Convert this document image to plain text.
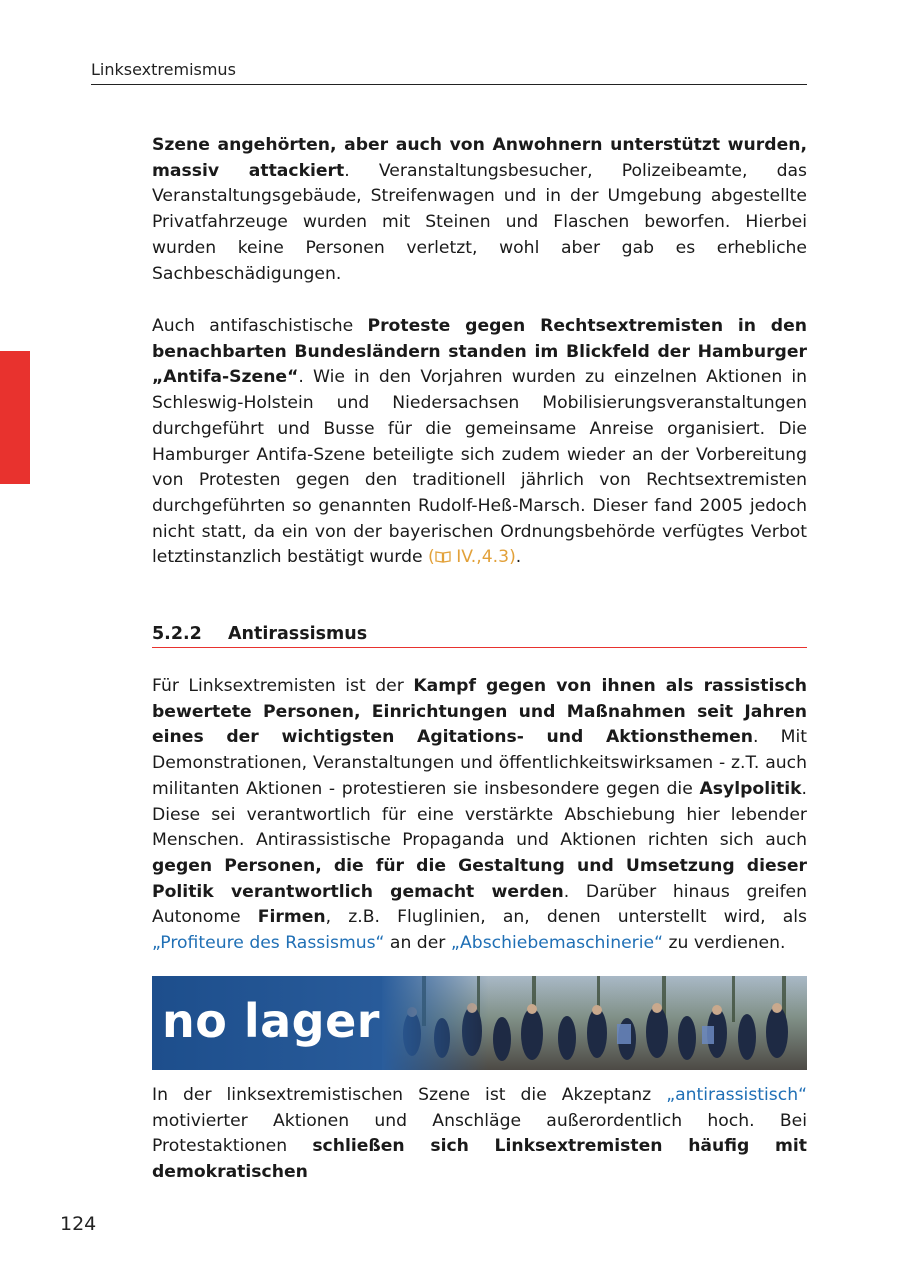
Linksextremismus

Szene angehörten, aber auch von Anwohnern unterstützt wurden, massiv attackiert. Veranstaltungsbesucher, Polizeibeamte, das Veranstaltungsgebäude, Streifenwagen und in der Umgebung abgestellte Privatfahrzeuge wurden mit Steinen und Flaschen beworfen. Hierbei wurden keine Personen verletzt, wohl aber gab es erhebliche Sachbeschädigungen.

Auch antifaschistische Proteste gegen Rechtsextremisten in den benachbarten Bundesländern standen im Blickfeld der Hamburger „Antifa-Szene“. Wie in den Vorjahren wurden zu einzelnen Aktionen in Schleswig-Holstein und Niedersachsen Mobilisierungsveranstaltungen durchgeführt und Busse für die gemeinsame Anreise organisiert. Die Hamburger Antifa-Szene beteiligte sich zudem wieder an der Vorbereitung von Protesten gegen den traditionell jährlich von Rechtsextremisten durchgeführten so genannten Rudolf-Heß-Marsch. Dieser fand 2005 jedoch nicht statt, da ein von der bayerischen Ordnungsbehörde verfügtes Verbot letztinstanzlich bestätigt wurde ( IV.,4.3).

5.2.2 Antirassismus

Für Linksextremisten ist der Kampf gegen von ihnen als rassistisch bewertete Personen, Einrichtungen und Maßnahmen seit Jahren eines der wichtigsten Agitations- und Aktionsthemen. Mit Demonstrationen, Veranstaltungen und öffentlichkeitswirksamen - z.T. auch militanten Aktionen - protestieren sie insbesondere gegen die Asylpolitik. Diese sei verantwortlich für eine verstärkte Abschiebung hier lebender Menschen. Antirassistische Propaganda und Aktionen richten sich auch gegen Personen, die für die Gestaltung und Umsetzung dieser Politik verantwortlich gemacht werden. Darüber hinaus greifen Autonome Firmen, z.B. Fluglinien, an, denen unterstellt wird, als „Profiteure des Rassismus“ an der „Abschiebemaschinerie“ zu verdienen.

no lager

In der linksextremistischen Szene ist die Akzeptanz „antirassistisch“ motivierter Aktionen und Anschläge außerordentlich hoch. Bei Protestaktionen schließen sich Linksextremisten häufig mit demokratischen

124
